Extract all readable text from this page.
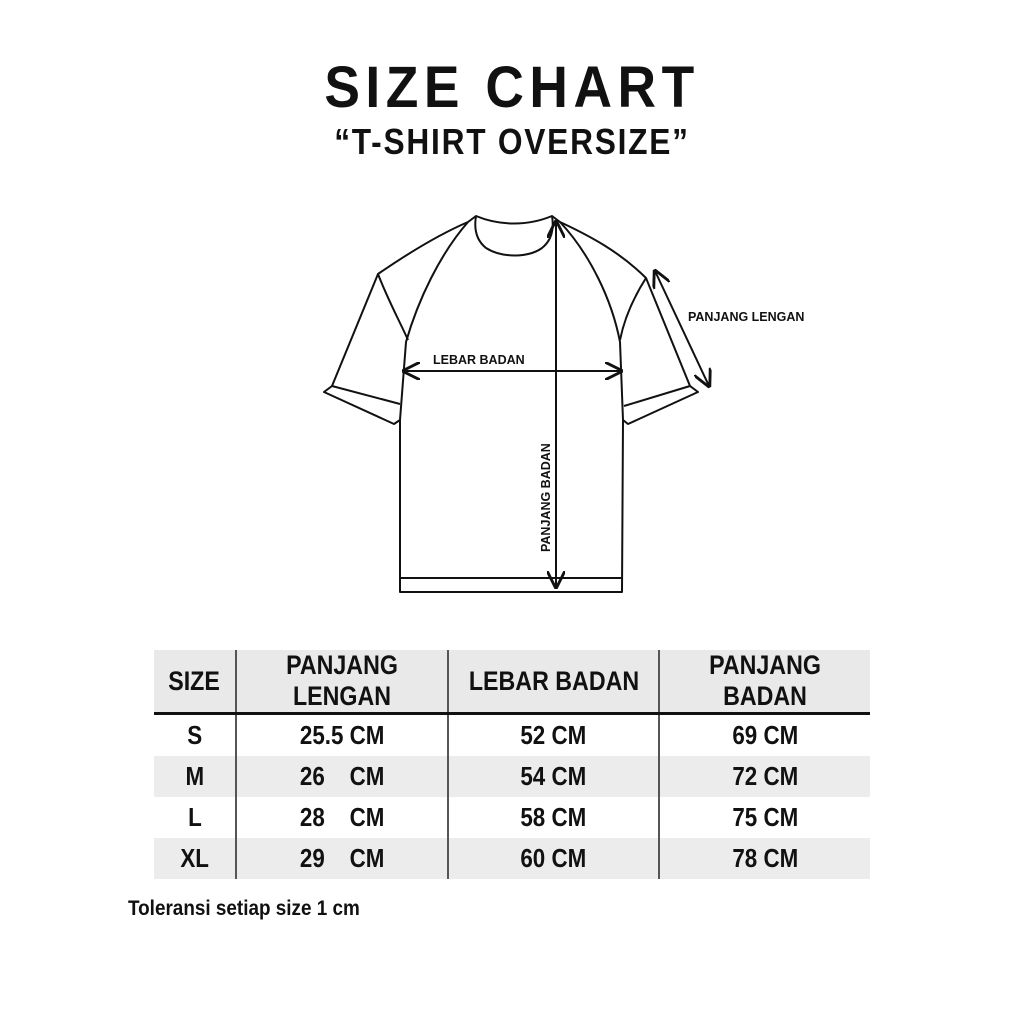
SIZE CHART
“T-SHIRT OVERSIZE”
PANJANG LENGAN
LEBAR BADAN
PANJANG BADAN
SIZE	PANJANG LENGAN	LEBAR BADAN	PANJANG BADAN
S	25.5 CM	52 CM	69 CM
M	26    CM	54 CM	72 CM
L	28    CM	58 CM	75 CM
XL	29    CM	60 CM	78 CM
Toleransi setiap size 1 cm
